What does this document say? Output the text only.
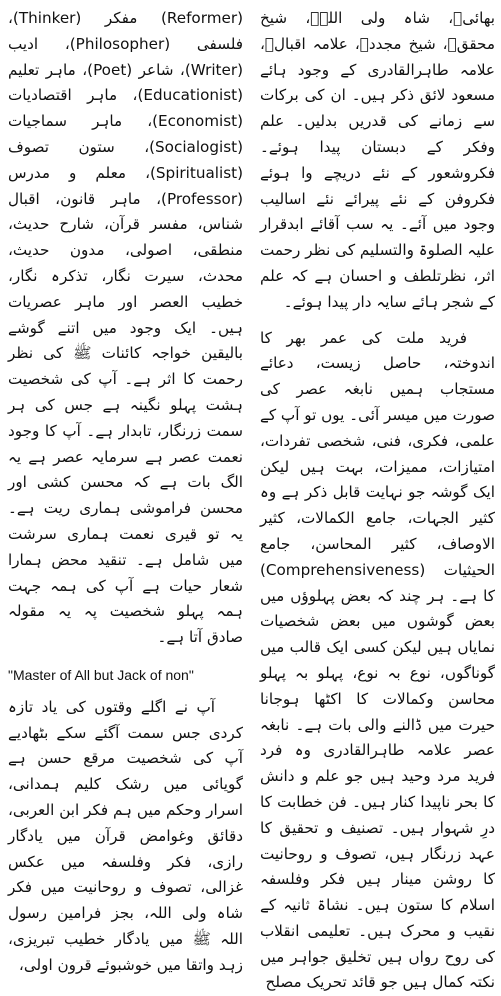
(Reformer) مفکر (Thinker)، فلسفی (Philosopher)، ادیب (Writer)، شاعر (Poet)، ماہر تعلیم (Educationist)، ماہر اقتصادیات (Economist)، ماہر سماجیات (Socialogist)، ستون تصوف (Spiritualist)، معلم و مدرس (Professor)، ماہر قانون، اقبال شناس، مفسر قرآن، شارح حدیث، منطقی، اصولی، مدون حدیث، محدث، سیرت نگار، تذکرہ نگار، خطیب العصر اور ماہر عصریات ہیں۔ ایک وجود میں اتنے گوشے بالیقین خواجہ کائنات ﷺ کی نظر رحمت کا اثر ہے۔ آپ کی شخصیت ہشت پہلو نگینہ ہے جس کی ہر سمت زرنگار، تابدار ہے۔ آپ کا وجود نعمت عصر ہے سرمایہ عصر ہے یہ الگ بات ہے کہ محسن کشی اور محسن فراموشی ہماری ریت ہے۔ یہ تو قیری نعمت ہماری سرشت میں شامل ہے۔ تنقید محض ہمارا شعار حیات ہے آپ کی ہمہ جہت ہمہ پہلو شخصیت پہ یہ مقولہ صادق آتا ہے۔

"Master of All but Jack of non"

آپ نے اگلے وقتوں کی یاد تازہ کردی جس سمت آگئے سکے بٹھادیے آپ کی شخصیت مرقع حسن ہے گویائی میں رشک کلیم ہمدانی، اسرار وحکم میں ہم فکر ابن العربی، دقائق وغوامض قرآن میں یادگار رازی، فکر وفلسفہ میں عکس غزالی، تصوف و روحانیت میں فکر شاہ ولی اللہ، بجز فرامین رسول اللہ ﷺ میں یادگار خطیب تبریزی، زہد واتقا میں خوشبوئے قرون اولی،

بھائیؒ، شاہ ولی اللہؒ، شیخ محققؒ، شیخ مجددؒ، علامہ اقبالؒ، علامہ طاہرالقادری کے وجود ہائے مسعود لائق ذکر ہیں۔ ان کی برکات سے زمانے کی قدریں بدلیں۔ علم وفکر کے دبستان پیدا ہوئے۔ فکروشعور کے نئے دریچے وا ہوئے فکروفن کے نئے پیرائے نئے اسالیب وجود میں آئے۔ یہ سب آقائے ابدقرار علیہ الصلوۃ والتسلیم کی نظر رحمت اثر، نظرتلطف و احسان ہے کہ علم کے شجر ہائے سایہ دار پیدا ہوئے۔

فرید ملت کی عمر بھر کا اندوختہ، حاصل زیست، دعائے مستجاب ہمیں نابغہ عصر کی صورت میں میسر آئی۔ یوں تو آپ کے علمی، فکری، فنی، شخصی تفردات، امتیازات، ممیزات، بہت ہیں لیکن ایک گوشہ جو نہایت قابل ذکر ہے وہ کثیر الجہات، جامع الکمالات، کثیر الاوصاف، کثیر المحاسن، جامع الحیثیات (Comprehensiveness) کا ہے۔ ہر چند کہ بعض پہلوؤں میں بعض گوشوں میں بعض شخصیات نمایاں ہیں لیکن کسی ایک قالب میں گوناگوں، نوع بہ نوع، پہلو بہ پہلو محاسن وکمالات کا اکٹھا ہوجانا حیرت میں ڈالنے والی بات ہے۔ نابغہ عصر علامہ طاہرالقادری وہ فرد فرید مرد وحید ہیں جو علم و دانش کا بحر ناپیدا کنار ہیں۔ فن خطابت کا درِ شہوار ہیں۔ تصنیف و تحقیق کا عہد زرنگار ہیں، تصوف و روحانیت کا روشن مینار ہیں فکر وفلسفہ اسلام کا ستون ہیں۔ نشاۃ ثانیہ کے نقیب و محرک ہیں۔ تعلیمی انقلاب کی روح رواں ہیں تخلیق جواہر میں نکتہ کمال ہیں جو قائد تحریک مصلح
